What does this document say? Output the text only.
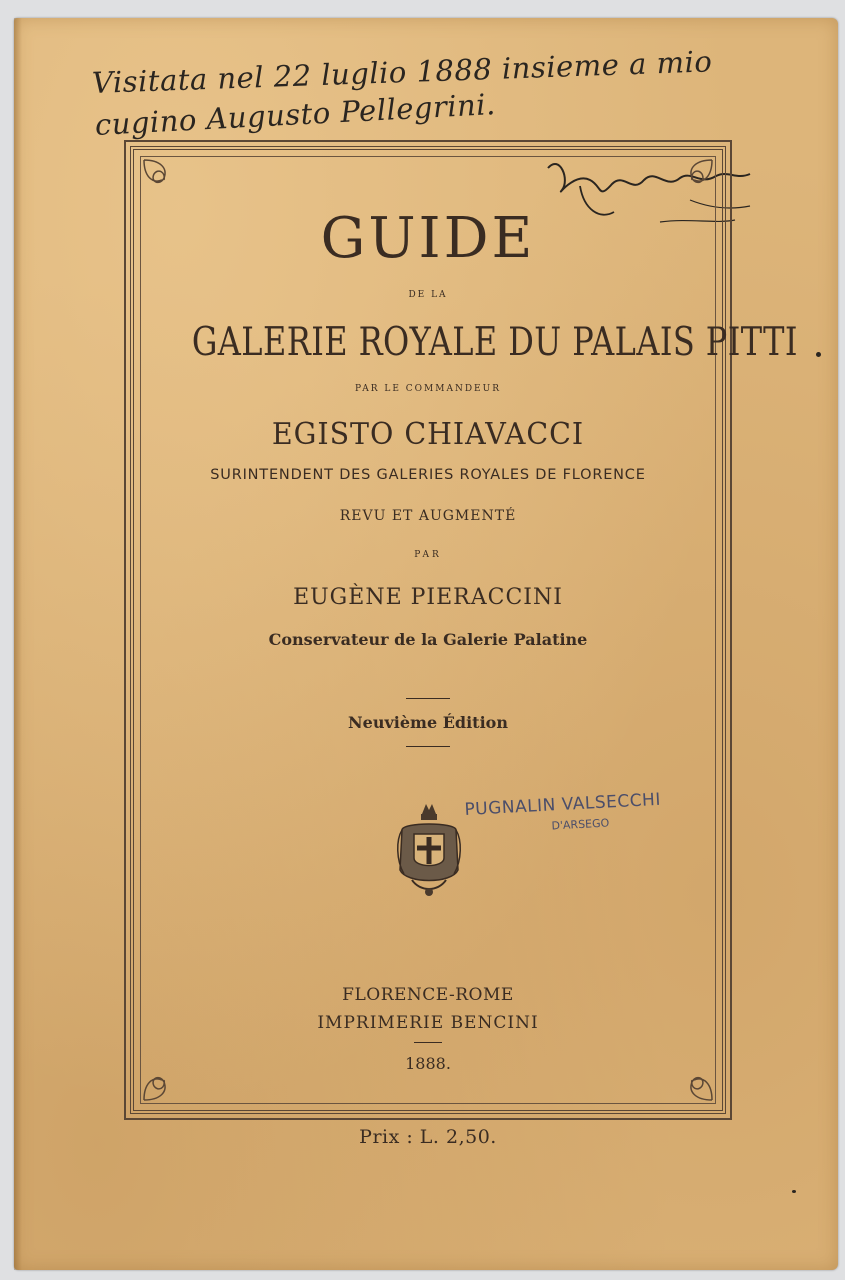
Visitata nel 22 luglio 1888 insieme a mio
cugino Augusto Pellegrini.
GUIDE
DE LA
GALERIE ROYALE DU PALAIS PITTI
PAR LE COMMANDEUR
EGISTO CHIAVACCI
SURINTENDENT DES GALERIES ROYALES DE FLORENCE
REVU ET AUGMENTÉ
PAR
EUGÈNE PIERACCINI
Conservateur de la Galerie Palatine
Neuvième Édition
PUGNALIN VALSECCHI
D'ARSEGO
FLORENCE-ROME
IMPRIMERIE BENCINI
1888.
Prix : L. 2,50.
